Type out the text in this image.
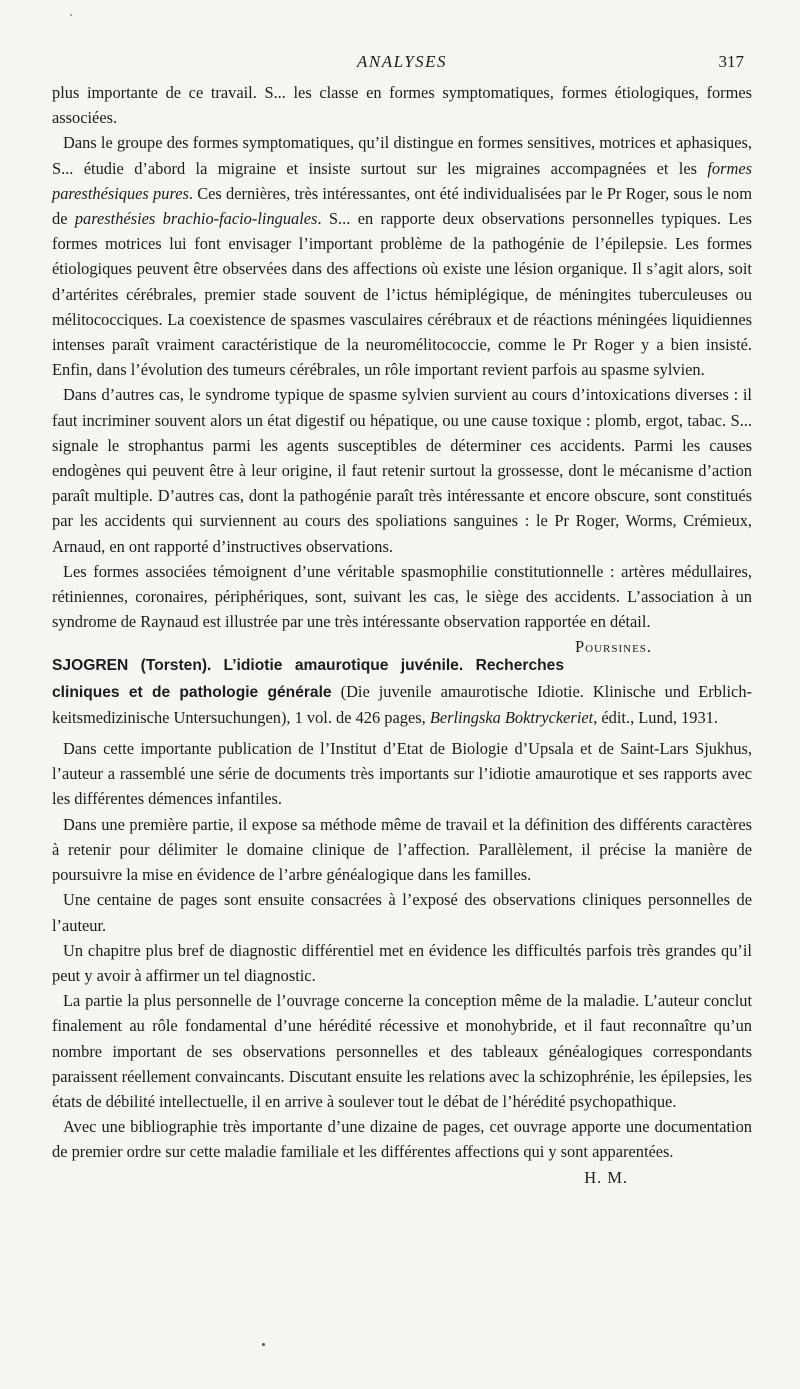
ANALYSES	317

plus importante de ce travail. S... les classe en formes symptomatiques, formes étiologiques, formes associées.

Dans le groupe des formes symptomatiques, qu’il distingue en formes sensitives, motrices et aphasiques, S... étudie d’abord la migraine et insiste surtout sur les migraines accompagnées et les formes paresthésiques pures. Ces dernières, très intéressantes, ont été individualisées par le Pr Roger, sous le nom de paresthésies brachio-facio-linguales. S... en rapporte deux observations personnelles typiques. Les formes motrices lui font envisager l’important problème de la pathogénie de l’épilepsie. Les formes étiologiques peuvent être observées dans des affections où existe une lésion organique. Il s’agit alors, soit d’artérites cérébrales, premier stade souvent de l’ictus hémiplégique, de méningites tuberculeuses ou mélitococciques. La coexistence de spasmes vasculaires cérébraux et de réactions méningées liquidiennes intenses paraît vraiment caractéristique de la neuromélitococcie, comme le Pr Roger y a bien insisté. Enfin, dans l’évolution des tumeurs cérébrales, un rôle important revient parfois au spasme sylvien.

Dans d’autres cas, le syndrome typique de spasme sylvien survient au cours d’intoxications diverses : il faut incriminer souvent alors un état digestif ou hépatique, ou une cause toxique : plomb, ergot, tabac. S... signale le strophantus parmi les agents susceptibles de déterminer ces accidents. Parmi les causes endogènes qui peuvent être à leur origine, il faut retenir surtout la grossesse, dont le mécanisme d’action paraît multiple. D’autres cas, dont la pathogénie paraît très intéressante et encore obscure, sont constitués par les accidents qui surviennent au cours des spoliations sanguines : le Pr Roger, Worms, Crémieux, Arnaud, en ont rapporté d’instructives observations.

Les formes associées témoignent d’une véritable spasmophilie constitutionnelle : artères médullaires, rétiniennes, coronaires, périphériques, sont, suivant les cas, le siège des accidents. L’association à un syndrome de Raynaud est illustrée par une très intéressante observation rapportée en détail.
Poursines.

SJOGREN (Torsten). L’idiotie amaurotique juvénile. Recherches cliniques et de pathologie générale (Die juvenile amaurotische Idiotie. Klinische und Erblichkeitsmedizinische Untersuchungen), 1 vol. de 426 pages, Berlingska Boktryckeriet, édit., Lund, 1931.

Dans cette importante publication de l’Institut d’Etat de Biologie d’Upsala et de Saint-Lars Sjukhus, l’auteur a rassemblé une série de documents très importants sur l’idiotie amaurotique et ses rapports avec les différentes démences infantiles.

Dans une première partie, il expose sa méthode même de travail et la définition des différents caractères à retenir pour délimiter le domaine clinique de l’affection. Parallèlement, il précise la manière de poursuivre la mise en évidence de l’arbre généalogique dans les familles.

Une centaine de pages sont ensuite consacrées à l’exposé des observations cliniques personnelles de l’auteur.

Un chapitre plus bref de diagnostic différentiel met en évidence les difficultés parfois très grandes qu’il peut y avoir à affirmer un tel diagnostic.

La partie la plus personnelle de l’ouvrage concerne la conception même de la maladie. L’auteur conclut finalement au rôle fondamental d’une hérédité récessive et monohybride, et il faut reconnaître qu’un nombre important de ses observations personnelles et des tableaux généalogiques correspondants paraissent réellement convaincants. Discutant ensuite les relations avec la schizophrénie, les épilepsies, les états de débilité intellectuelle, il en arrive à soulever tout le débat de l’hérédité psychopathique.

Avec une bibliographie très importante d’une dizaine de pages, cet ouvrage apporte une documentation de premier ordre sur cette maladie familiale et les différentes affections qui y sont apparentées.
H. M.
